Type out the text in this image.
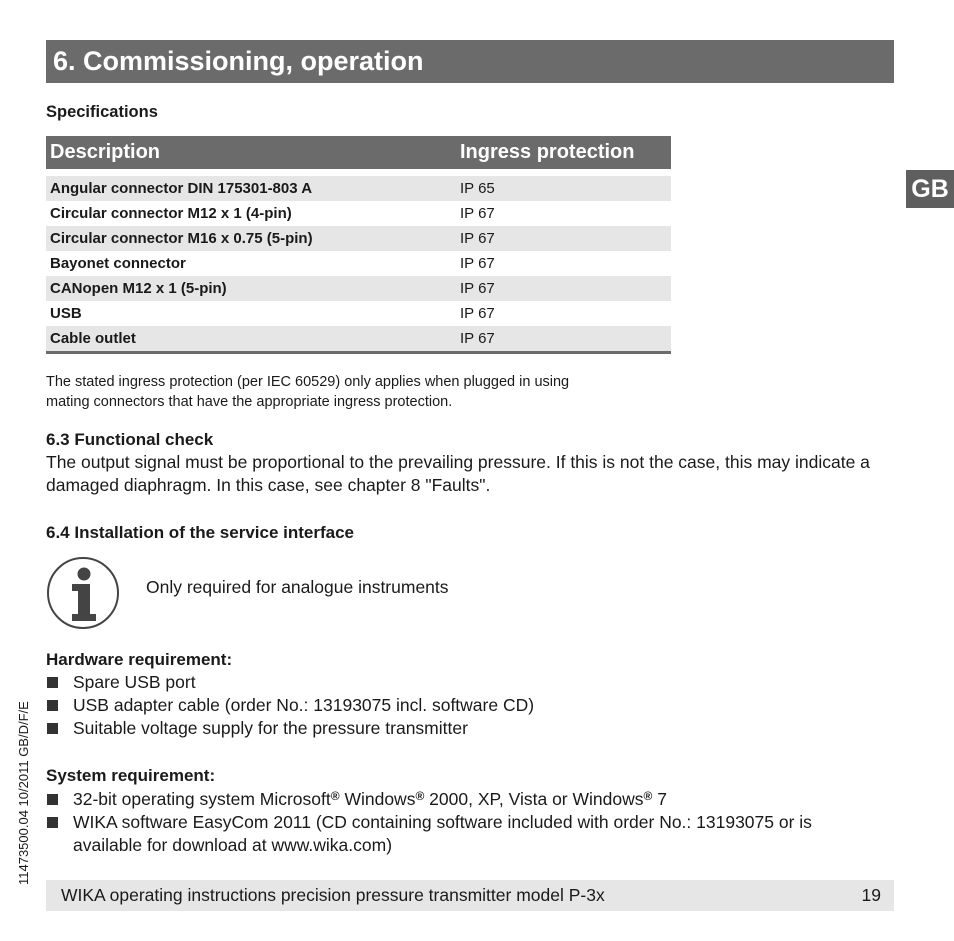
6. Commissioning, operation
GB
Specifications
Description	Ingress protection

Angular connector DIN 175301-803 A	IP 65
Circular connector M12 x 1 (4-pin)	IP 67
Circular connector M16 x 0.75 (5-pin)	IP 67
Bayonet connector	IP 67
CANopen M12 x 1 (5-pin)	IP 67
USB	IP 67
Cable outlet	IP 67
The stated ingress protection (per IEC 60529) only applies when plugged in using
mating connectors that have the appropriate ingress protection.
6.3 Functional check
The output signal must be proportional to the prevailing pressure. If this is not the case, this may indicate a damaged diaphragm. In this case, see chapter 8 "Faults".
6.4 Installation of the service interface
Only required for analogue instruments
Hardware requirement:
Spare USB port
USB adapter cable (order No.: 13193075 incl. software CD)
Suitable voltage supply for the pressure transmitter
System requirement:
32-bit operating system Microsoft® Windows® 2000, XP, Vista or Windows® 7
WIKA software EasyCom 2011 (CD containing software included with order No.: 13193075 or is available for download at www.wika.com)
11473500.04 10/2011 GB/D/F/E
WIKA operating instructions precision pressure transmitter model P-3x	19
